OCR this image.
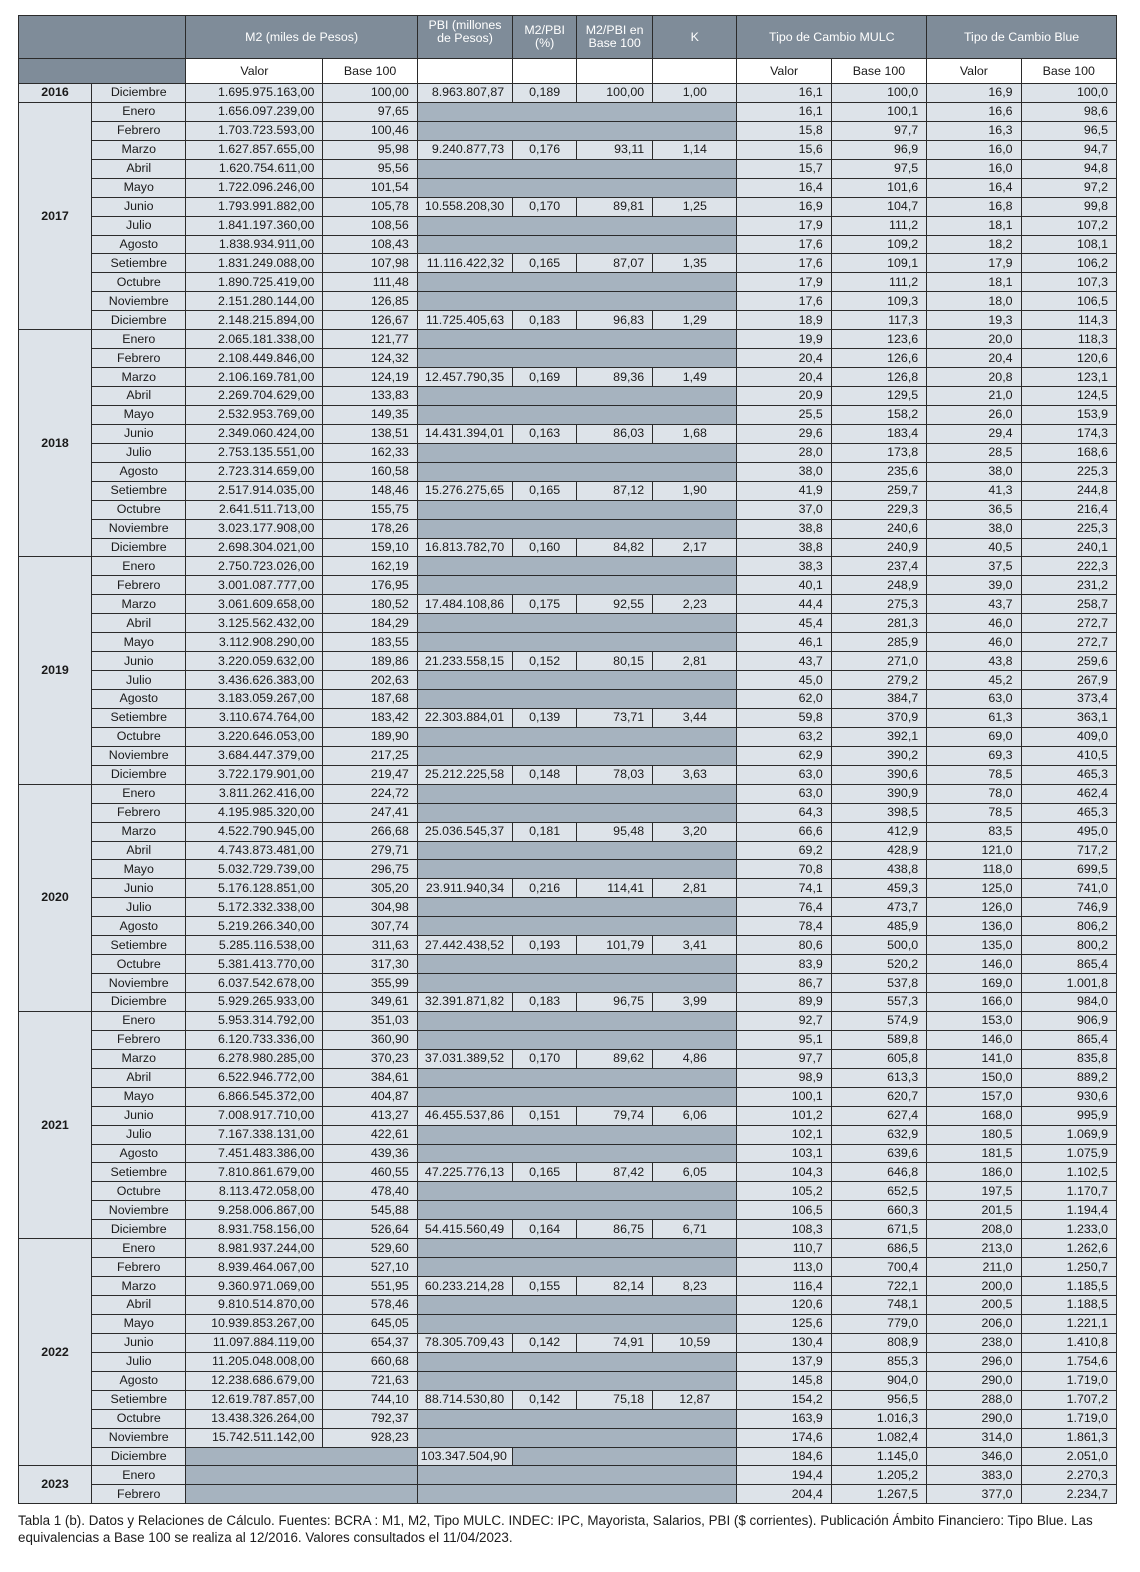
		M2 (miles de Pesos)		PBI (millones de Pesos)	M2/PBI (%)	M2/PBI en Base 100	K	Tipo de Cambio MULC		Tipo de Cambio Blue	
		Valor	Base 100					Valor	Base 100	Valor	Base 100
2016	Diciembre	1.695.975.163,00	100,00	8.963.807,87	0,189	100,00	1,00	16,1	100,0	16,9	100,0
2017	Enero	1.656.097.239,00	97,65					16,1	100,1	16,6	98,6
	Febrero	1.703.723.593,00	100,46					15,8	97,7	16,3	96,5
	Marzo	1.627.857.655,00	95,98	9.240.877,73	0,176	93,11	1,14	15,6	96,9	16,0	94,7
	Abril	1.620.754.611,00	95,56					15,7	97,5	16,0	94,8
	Mayo	1.722.096.246,00	101,54					16,4	101,6	16,4	97,2
	Junio	1.793.991.882,00	105,78	10.558.208,30	0,170	89,81	1,25	16,9	104,7	16,8	99,8
	Julio	1.841.197.360,00	108,56					17,9	111,2	18,1	107,2
	Agosto	1.838.934.911,00	108,43					17,6	109,2	18,2	108,1
	Setiembre	1.831.249.088,00	107,98	11.116.422,32	0,165	87,07	1,35	17,6	109,1	17,9	106,2
	Octubre	1.890.725.419,00	111,48					17,9	111,2	18,1	107,3
	Noviembre	2.151.280.144,00	126,85					17,6	109,3	18,0	106,5
	Diciembre	2.148.215.894,00	126,67	11.725.405,63	0,183	96,83	1,29	18,9	117,3	19,3	114,3
2018	Enero	2.065.181.338,00	121,77					19,9	123,6	20,0	118,3
	Febrero	2.108.449.846,00	124,32					20,4	126,6	20,4	120,6
	Marzo	2.106.169.781,00	124,19	12.457.790,35	0,169	89,36	1,49	20,4	126,8	20,8	123,1
	Abril	2.269.704.629,00	133,83					20,9	129,5	21,0	124,5
	Mayo	2.532.953.769,00	149,35					25,5	158,2	26,0	153,9
	Junio	2.349.060.424,00	138,51	14.431.394,01	0,163	86,03	1,68	29,6	183,4	29,4	174,3
	Julio	2.753.135.551,00	162,33					28,0	173,8	28,5	168,6
	Agosto	2.723.314.659,00	160,58					38,0	235,6	38,0	225,3
	Setiembre	2.517.914.035,00	148,46	15.276.275,65	0,165	87,12	1,90	41,9	259,7	41,3	244,8
	Octubre	2.641.511.713,00	155,75					37,0	229,3	36,5	216,4
	Noviembre	3.023.177.908,00	178,26					38,8	240,6	38,0	225,3
	Diciembre	2.698.304.021,00	159,10	16.813.782,70	0,160	84,82	2,17	38,8	240,9	40,5	240,1
2019	Enero	2.750.723.026,00	162,19					38,3	237,4	37,5	222,3
	Febrero	3.001.087.777,00	176,95					40,1	248,9	39,0	231,2
	Marzo	3.061.609.658,00	180,52	17.484.108,86	0,175	92,55	2,23	44,4	275,3	43,7	258,7
	Abril	3.125.562.432,00	184,29					45,4	281,3	46,0	272,7
	Mayo	3.112.908.290,00	183,55					46,1	285,9	46,0	272,7
	Junio	3.220.059.632,00	189,86	21.233.558,15	0,152	80,15	2,81	43,7	271,0	43,8	259,6
	Julio	3.436.626.383,00	202,63					45,0	279,2	45,2	267,9
	Agosto	3.183.059.267,00	187,68					62,0	384,7	63,0	373,4
	Setiembre	3.110.674.764,00	183,42	22.303.884,01	0,139	73,71	3,44	59,8	370,9	61,3	363,1
	Octubre	3.220.646.053,00	189,90					63,2	392,1	69,0	409,0
	Noviembre	3.684.447.379,00	217,25					62,9	390,2	69,3	410,5
	Diciembre	3.722.179.901,00	219,47	25.212.225,58	0,148	78,03	3,63	63,0	390,6	78,5	465,3
2020	Enero	3.811.262.416,00	224,72					63,0	390,9	78,0	462,4
	Febrero	4.195.985.320,00	247,41					64,3	398,5	78,5	465,3
	Marzo	4.522.790.945,00	266,68	25.036.545,37	0,181	95,48	3,20	66,6	412,9	83,5	495,0
	Abril	4.743.873.481,00	279,71					69,2	428,9	121,0	717,2
	Mayo	5.032.729.739,00	296,75					70,8	438,8	118,0	699,5
	Junio	5.176.128.851,00	305,20	23.911.940,34	0,216	114,41	2,81	74,1	459,3	125,0	741,0
	Julio	5.172.332.338,00	304,98					76,4	473,7	126,0	746,9
	Agosto	5.219.266.340,00	307,74					78,4	485,9	136,0	806,2
	Setiembre	5.285.116.538,00	311,63	27.442.438,52	0,193	101,79	3,41	80,6	500,0	135,0	800,2
	Octubre	5.381.413.770,00	317,30					83,9	520,2	146,0	865,4
	Noviembre	6.037.542.678,00	355,99					86,7	537,8	169,0	1.001,8
	Diciembre	5.929.265.933,00	349,61	32.391.871,82	0,183	96,75	3,99	89,9	557,3	166,0	984,0
2021	Enero	5.953.314.792,00	351,03					92,7	574,9	153,0	906,9
	Febrero	6.120.733.336,00	360,90					95,1	589,8	146,0	865,4
	Marzo	6.278.980.285,00	370,23	37.031.389,52	0,170	89,62	4,86	97,7	605,8	141,0	835,8
	Abril	6.522.946.772,00	384,61					98,9	613,3	150,0	889,2
	Mayo	6.866.545.372,00	404,87					100,1	620,7	157,0	930,6
	Junio	7.008.917.710,00	413,27	46.455.537,86	0,151	79,74	6,06	101,2	627,4	168,0	995,9
	Julio	7.167.338.131,00	422,61					102,1	632,9	180,5	1.069,9
	Agosto	7.451.483.386,00	439,36					103,1	639,6	181,5	1.075,9
	Setiembre	7.810.861.679,00	460,55	47.225.776,13	0,165	87,42	6,05	104,3	646,8	186,0	1.102,5
	Octubre	8.113.472.058,00	478,40					105,2	652,5	197,5	1.170,7
	Noviembre	9.258.006.867,00	545,88					106,5	660,3	201,5	1.194,4
	Diciembre	8.931.758.156,00	526,64	54.415.560,49	0,164	86,75	6,71	108,3	671,5	208,0	1.233,0
2022	Enero	8.981.937.244,00	529,60					110,7	686,5	213,0	1.262,6
	Febrero	8.939.464.067,00	527,10					113,0	700,4	211,0	1.250,7
	Marzo	9.360.971.069,00	551,95	60.233.214,28	0,155	82,14	8,23	116,4	722,1	200,0	1.185,5
	Abril	9.810.514.870,00	578,46					120,6	748,1	200,5	1.188,5
	Mayo	10.939.853.267,00	645,05					125,6	779,0	206,0	1.221,1
	Junio	11.097.884.119,00	654,37	78.305.709,43	0,142	74,91	10,59	130,4	808,9	238,0	1.410,8
	Julio	11.205.048.008,00	660,68					137,9	855,3	296,0	1.754,6
	Agosto	12.238.686.679,00	721,63					145,8	904,0	290,0	1.719,0
	Setiembre	12.619.787.857,00	744,10	88.714.530,80	0,142	75,18	12,87	154,2	956,5	288,0	1.707,2
	Octubre	13.438.326.264,00	792,37					163,9	1.016,3	290,0	1.719,0
	Noviembre	15.742.511.142,00	928,23					174,6	1.082,4	314,0	1.861,3
	Diciembre			103.347.504,90				184,6	1.145,0	346,0	2.051,0
2023	Enero							194,4	1.205,2	383,0	2.270,3
	Febrero							204,4	1.267,5	377,0	2.234,7
Tabla 1 (b). Datos y Relaciones de Cálculo. Fuentes: BCRA : M1, M2, Tipo MULC. INDEC: IPC, Mayorista, Salarios, PBI ($ corrientes). Publicación Ámbito Financiero: Tipo Blue. Las equivalencias a Base 100 se realiza al 12/2016. Valores consultados el 11/04/2023.
